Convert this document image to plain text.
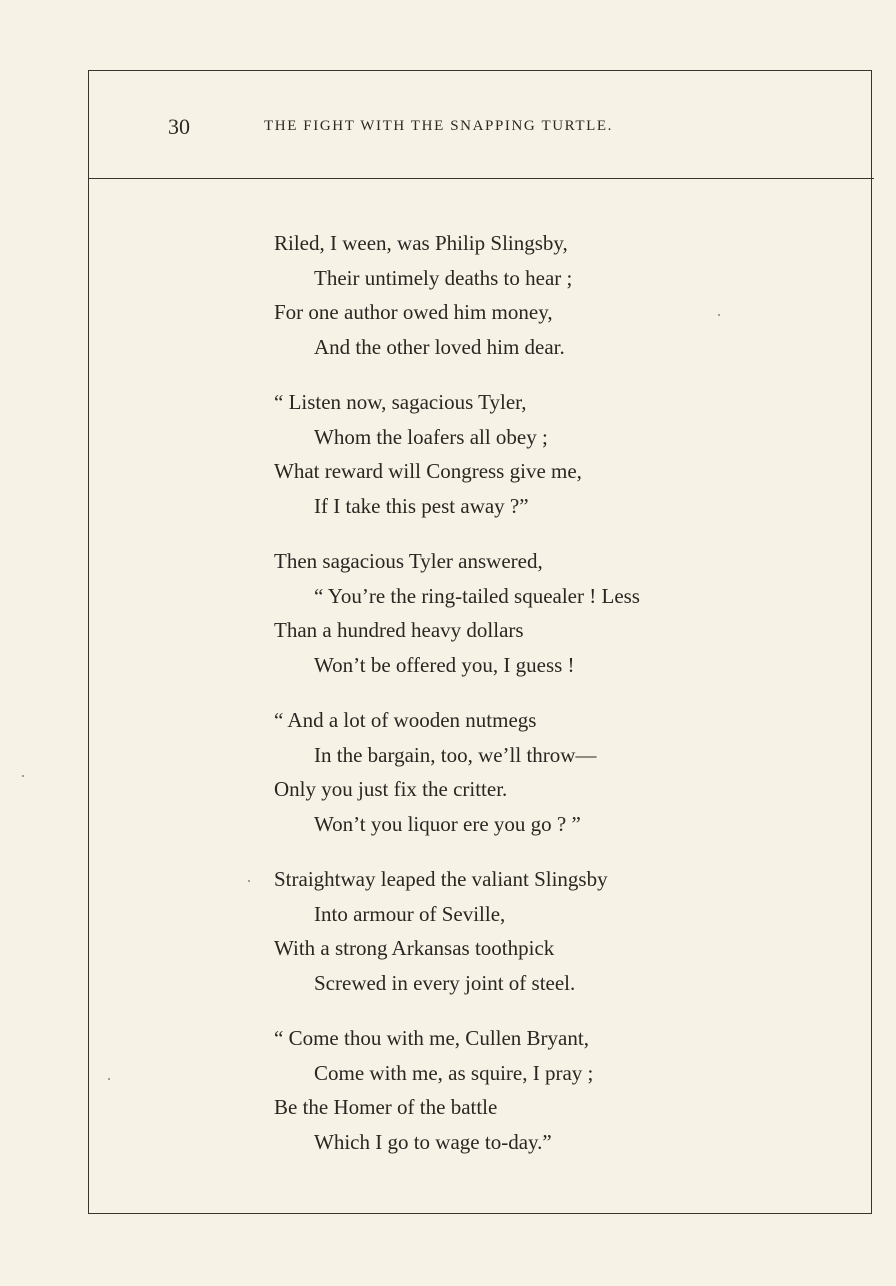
30	THE FIGHT WITH THE SNAPPING TURTLE.
Riled, I ween, was Philip Slingsby,
Their untimely deaths to hear ;
For one author owed him money,
And the other loved him dear.
“ Listen now, sagacious Tyler,
Whom the loafers all obey ;
What reward will Congress give me,
If I take this pest away ?”
Then sagacious Tyler answered,
“ You’re the ring-tailed squealer ! Less
Than a hundred heavy dollars
Won’t be offered you, I guess !
“ And a lot of wooden nutmegs
In the bargain, too, we’ll throw—
Only you just fix the critter.
Won’t you liquor ere you go ? ”
Straightway leaped the valiant Slingsby
Into armour of Seville,
With a strong Arkansas toothpick
Screwed in every joint of steel.
“ Come thou with me, Cullen Bryant,
Come with me, as squire, I pray ;
Be the Homer of the battle
Which I go to wage to-day.”
